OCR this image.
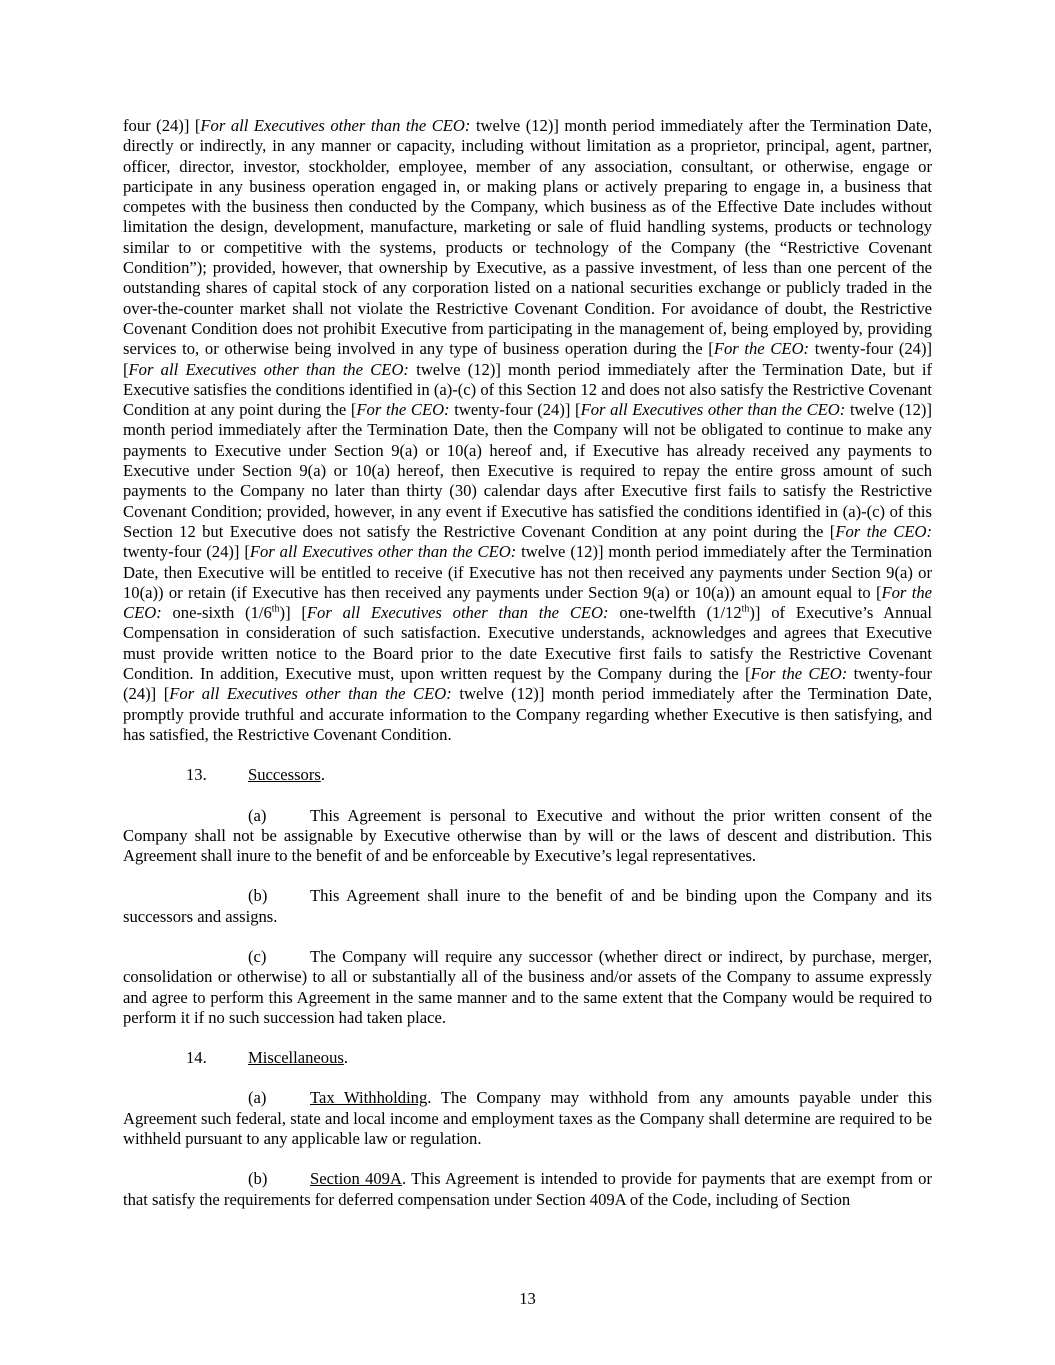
four (24)] [For all Executives other than the CEO: twelve (12)] month period immediately after the Termination Date, directly or indirectly, in any manner or capacity, including without limitation as a proprietor, principal, agent, partner, officer, director, investor, stockholder, employee, member of any association, consultant, or otherwise, engage or participate in any business operation engaged in, or making plans or actively preparing to engage in, a business that competes with the business then conducted by the Company, which business as of the Effective Date includes without limitation the design, development, manufacture, marketing or sale of fluid handling systems, products or technology similar to or competitive with the systems, products or technology of the Company (the “Restrictive Covenant Condition”); provided, however, that ownership by Executive, as a passive investment, of less than one percent of the outstanding shares of capital stock of any corporation listed on a national securities exchange or publicly traded in the over-the-counter market shall not violate the Restrictive Covenant Condition. For avoidance of doubt, the Restrictive Covenant Condition does not prohibit Executive from participating in the management of, being employed by, providing services to, or otherwise being involved in any type of business operation during the [For the CEO: twenty-four (24)] [For all Executives other than the CEO: twelve (12)] month period immediately after the Termination Date, but if Executive satisfies the conditions identified in (a)-(c) of this Section 12 and does not also satisfy the Restrictive Covenant Condition at any point during the [For the CEO: twenty-four (24)] [For all Executives other than the CEO: twelve (12)] month period immediately after the Termination Date, then the Company will not be obligated to continue to make any payments to Executive under Section 9(a) or 10(a) hereof and, if Executive has already received any payments to Executive under Section 9(a) or 10(a) hereof, then Executive is required to repay the entire gross amount of such payments to the Company no later than thirty (30) calendar days after Executive first fails to satisfy the Restrictive Covenant Condition; provided, however, in any event if Executive has satisfied the conditions identified in (a)-(c) of this Section 12 but Executive does not satisfy the Restrictive Covenant Condition at any point during the [For the CEO: twenty-four (24)] [For all Executives other than the CEO: twelve (12)] month period immediately after the Termination Date, then Executive will be entitled to receive (if Executive has not then received any payments under Section 9(a) or 10(a)) or retain (if Executive has then received any payments under Section 9(a) or 10(a)) an amount equal to [For the CEO: one-sixth (1/6th)] [For all Executives other than the CEO: one-twelfth (1/12th)] of Executive’s Annual Compensation in consideration of such satisfaction. Executive understands, acknowledges and agrees that Executive must provide written notice to the Board prior to the date Executive first fails to satisfy the Restrictive Covenant Condition. In addition, Executive must, upon written request by the Company during the [For the CEO: twenty-four (24)] [For all Executives other than the CEO: twelve (12)] month period immediately after the Termination Date, promptly provide truthful and accurate information to the Company regarding whether Executive is then satisfying, and has satisfied, the Restrictive Covenant Condition.

13. Successors.

(a)	This Agreement is personal to Executive and without the prior written consent of the Company shall not be assignable by Executive otherwise than by will or the laws of descent and distribution. This Agreement shall inure to the benefit of and be enforceable by Executive’s legal representatives.

(b)	This Agreement shall inure to the benefit of and be binding upon the Company and its successors and assigns.

(c)	The Company will require any successor (whether direct or indirect, by purchase, merger, consolidation or otherwise) to all or substantially all of the business and/or assets of the Company to assume expressly and agree to perform this Agreement in the same manner and to the same extent that the Company would be required to perform it if no such succession had taken place.

14. Miscellaneous.

(a)	Tax Withholding. The Company may withhold from any amounts payable under this Agreement such federal, state and local income and employment taxes as the Company shall determine are required to be withheld pursuant to any applicable law or regulation.

(b)	Section 409A. This Agreement is intended to provide for payments that are exempt from or that satisfy the requirements for deferred compensation under Section 409A of the Code, including of Section

13
